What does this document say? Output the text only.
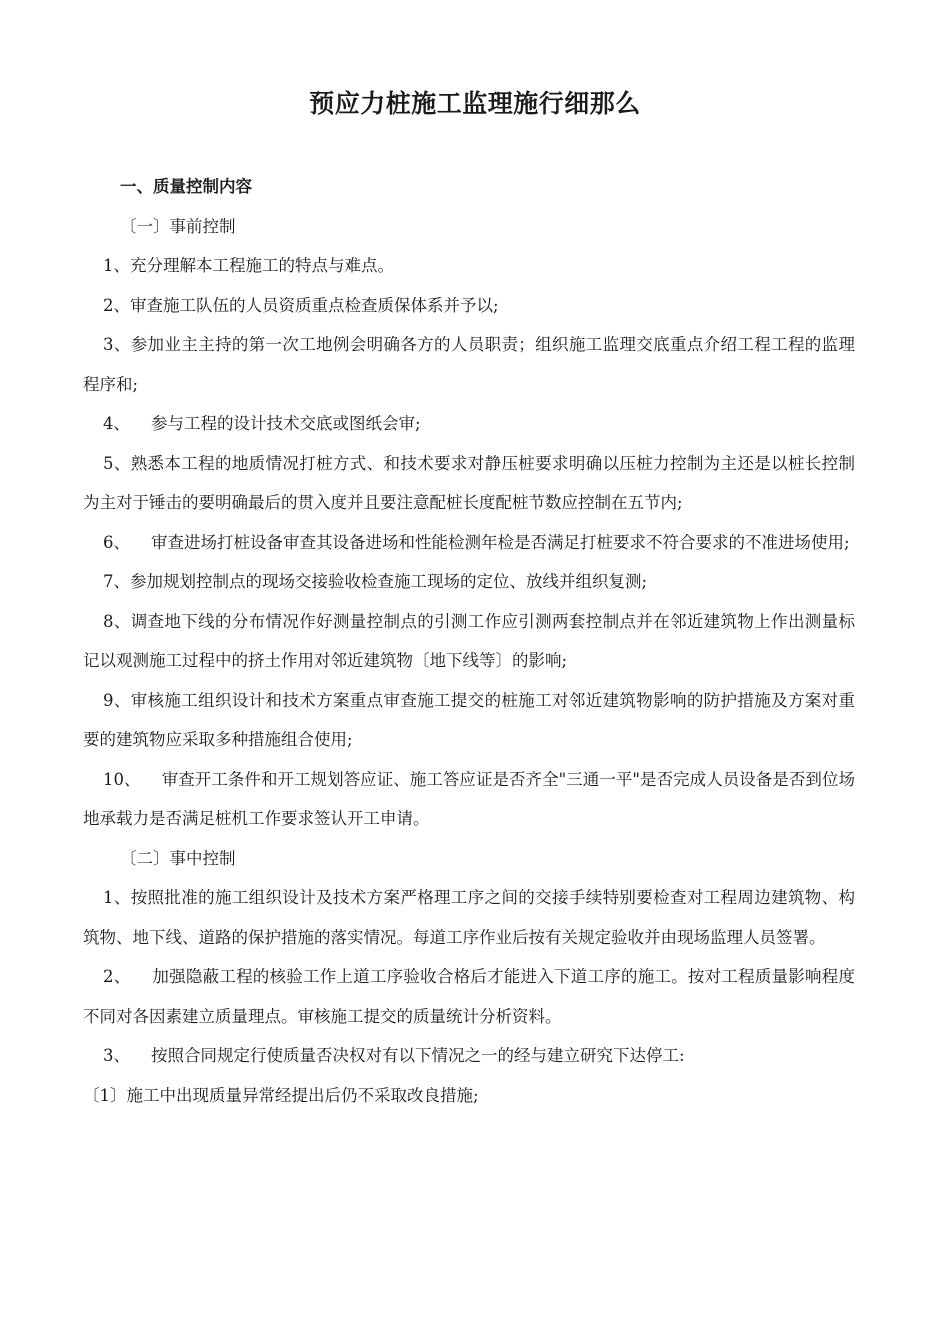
预应力桩施工监理施行细那么

一、质量控制内容

〔一〕事前控制

1、充分理解本工程施工的特点与难点。

2、审查施工队伍的人员资质重点检查质保体系并予以;

3、参加业主主持的第一次工地例会明确各方的人员职责；组织施工监理交底重点介绍工程工程的监理程序和;

4、    参与工程的设计技术交底或图纸会审;

5、熟悉本工程的地质情况打桩方式、和技术要求对静压桩要求明确以压桩力控制为主还是以桩长控制为主对于锤击的要明确最后的贯入度并且要注意配桩长度配桩节数应控制在五节内;

6、    审查进场打桩设备审查其设备进场和性能检测年检是否满足打桩要求不符合要求的不准进场使用;

7、参加规划控制点的现场交接验收检查施工现场的定位、放线并组织复测;

8、调查地下线的分布情况作好测量控制点的引测工作应引测两套控制点并在邻近建筑物上作出测量标记以观测施工过程中的挤土作用对邻近建筑物〔地下线等〕的影响;

9、审核施工组织设计和技术方案重点审查施工提交的桩施工对邻近建筑物影响的防护措施及方案对重要的建筑物应采取多种措施组合使用;

10、    审查开工条件和开工规划答应证、施工答应证是否齐全"三通一平"是否完成人员设备是否到位场地承载力是否满足桩机工作要求签认开工申请。

〔二〕事中控制

1、按照批准的施工组织设计及技术方案严格理工序之间的交接手续特别要检查对工程周边建筑物、构筑物、地下线、道路的保护措施的落实情况。每道工序作业后按有关规定验收并由现场监理人员签署。

2、    加强隐蔽工程的核验工作上道工序验收合格后才能进入下道工序的施工。按对工程质量影响程度不同对各因素建立质量理点。审核施工提交的质量统计分析资料。

3、    按照合同规定行使质量否决权对有以下情况之一的经与建立研究下达停工:

〔1〕施工中出现质量异常经提出后仍不采取改良措施;
